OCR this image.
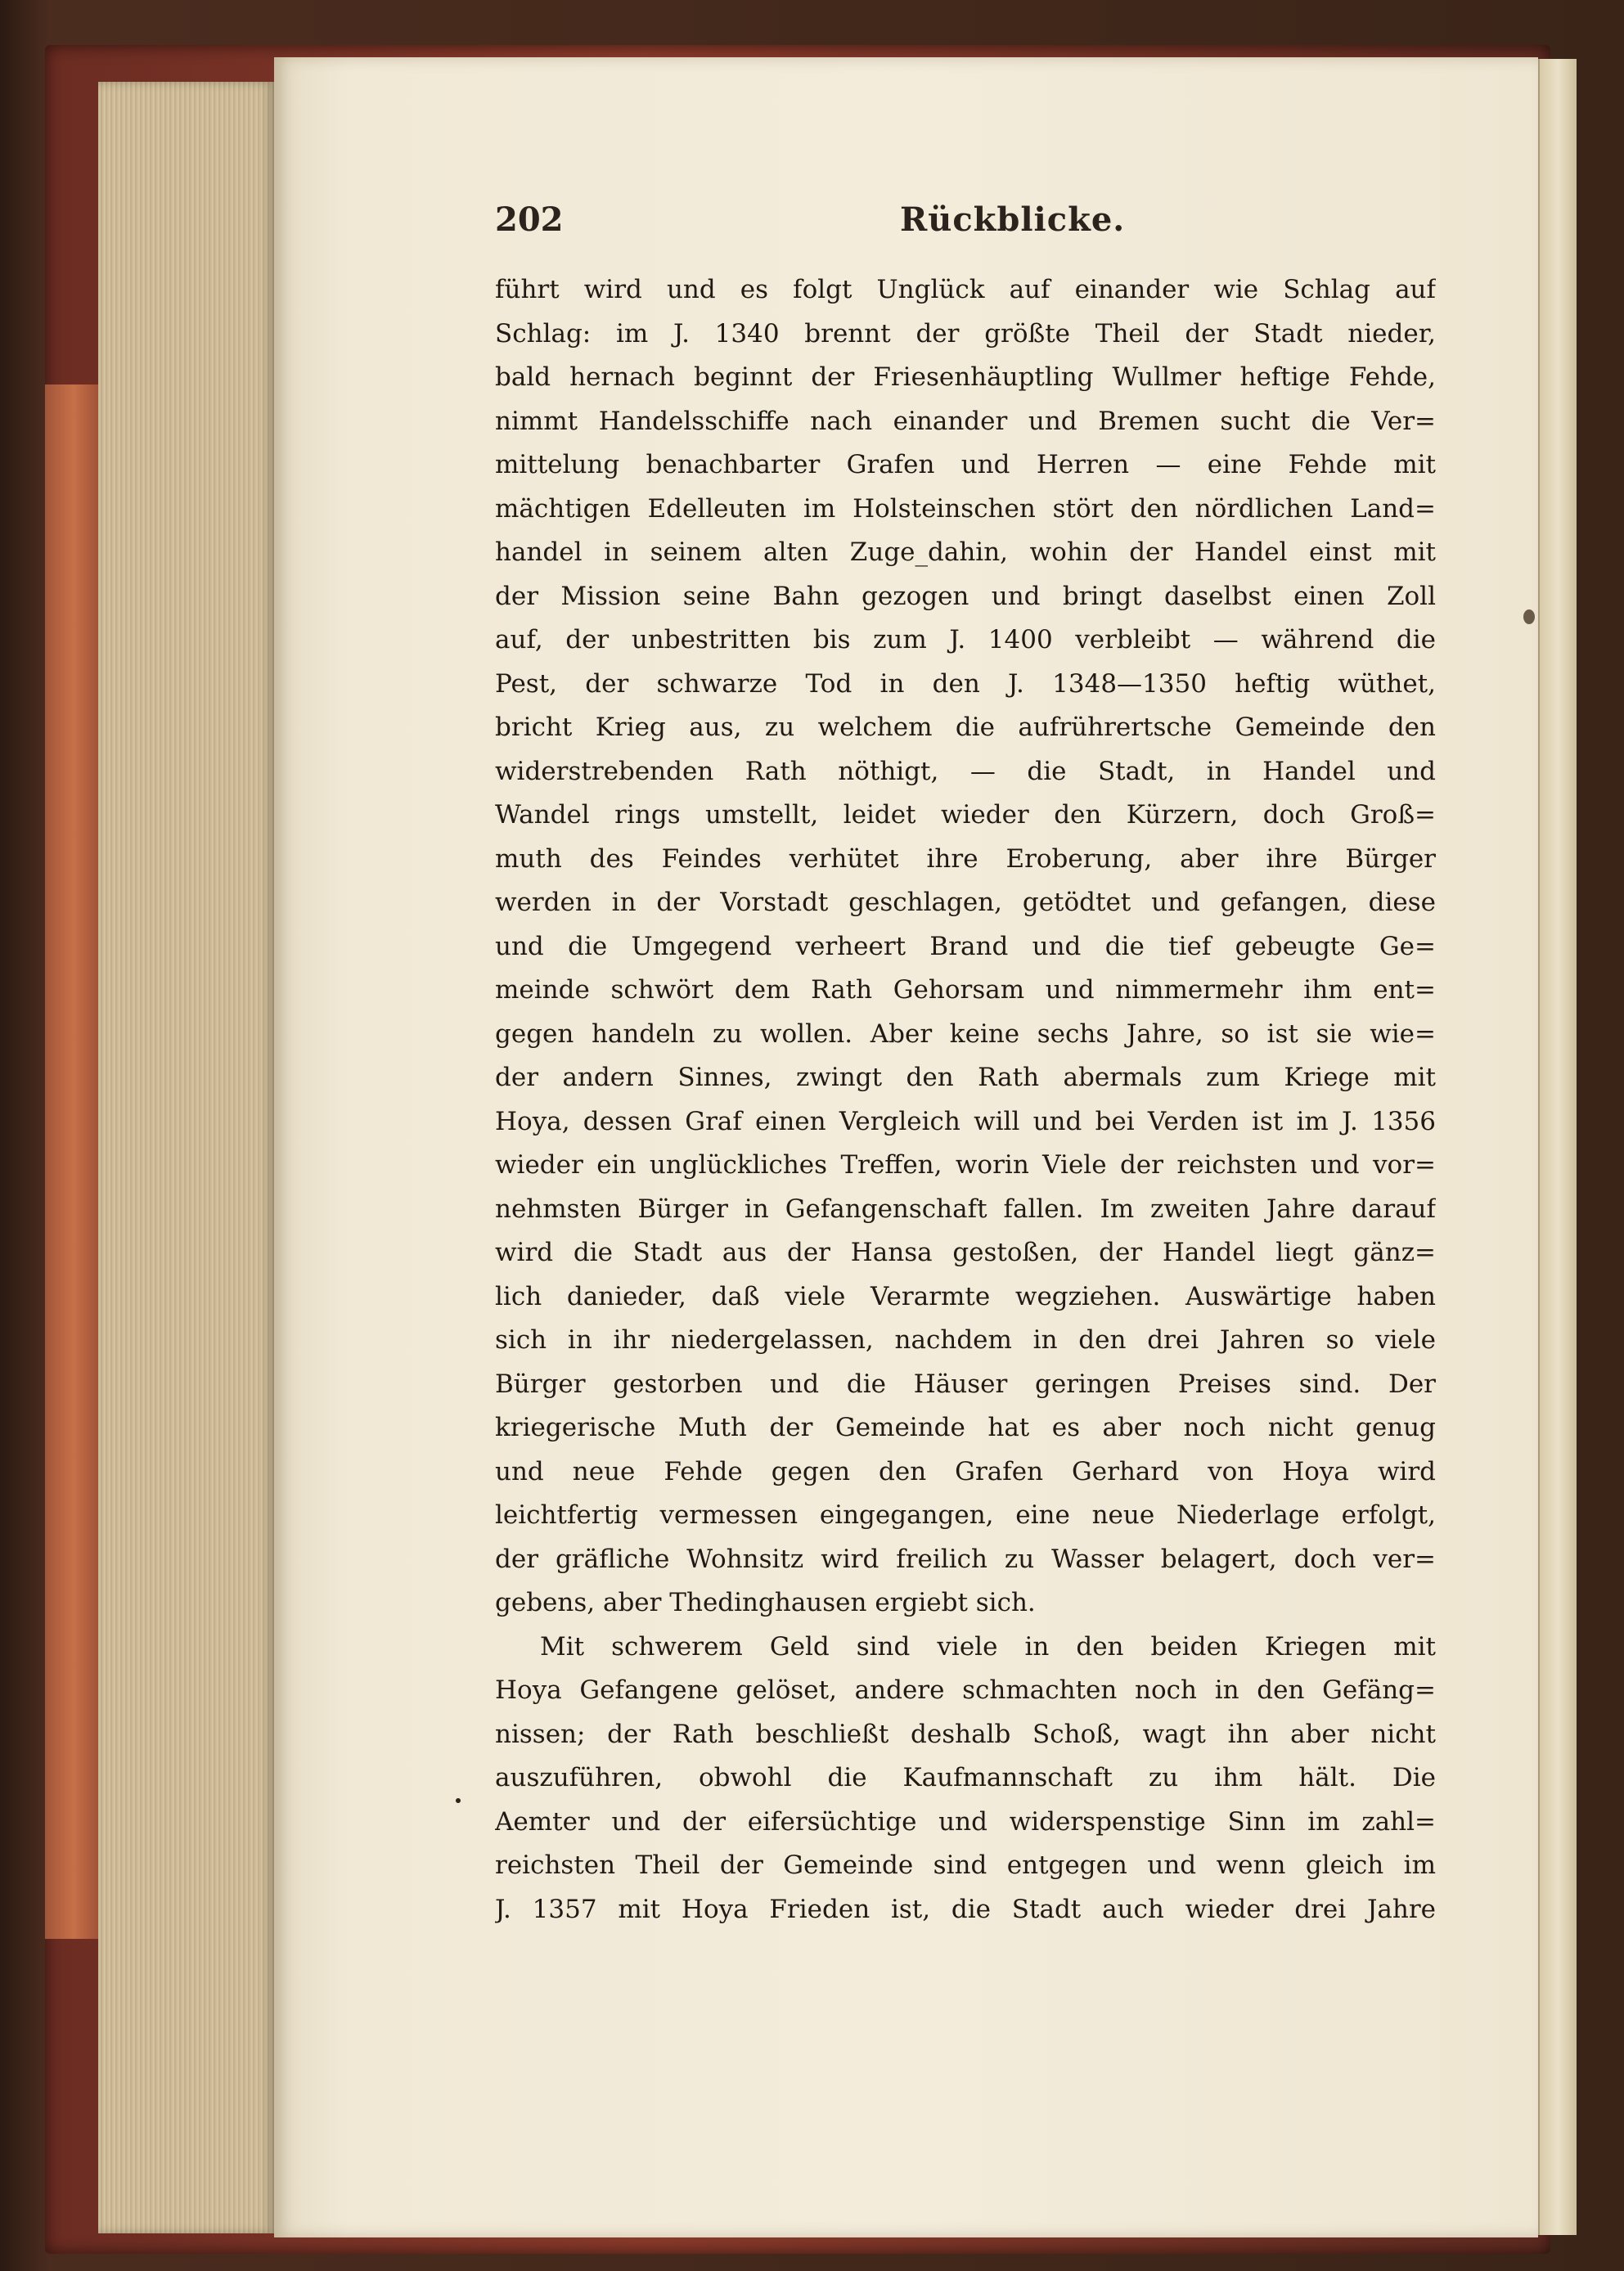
202	Rückblicke.
führt wird und es folgt Unglück auf einander wie Schlag auf
Schlag: im J. 1340 brennt der größte Theil der Stadt nieder,
bald hernach beginnt der Friesenhäuptling Wullmer heftige Fehde,
nimmt Handelsschiffe nach einander und Bremen sucht die Ver=
mittelung benachbarter Grafen und Herren — eine Fehde mit
mächtigen Edelleuten im Holsteinschen stört den nördlichen Land=
handel in seinem alten Zuge_dahin, wohin der Handel einst mit
der Mission seine Bahn gezogen und bringt daselbst einen Zoll
auf, der unbestritten bis zum J. 1400 verbleibt — während die
Pest, der schwarze Tod in den J. 1348—1350 heftig wüthet,
bricht Krieg aus, zu welchem die aufrührertsche Gemeinde den
widerstrebenden Rath nöthigt, — die Stadt, in Handel und
Wandel rings umstellt, leidet wieder den Kürzern, doch Groß=
muth des Feindes verhütet ihre Eroberung, aber ihre Bürger
werden in der Vorstadt geschlagen, getödtet und gefangen, diese
und die Umgegend verheert Brand und die tief gebeugte Ge=
meinde schwört dem Rath Gehorsam und nimmermehr ihm ent=
gegen handeln zu wollen. Aber keine sechs Jahre, so ist sie wie=
der andern Sinnes, zwingt den Rath abermals zum Kriege mit
Hoya, dessen Graf einen Vergleich will und bei Verden ist im J. 1356
wieder ein unglückliches Treffen, worin Viele der reichsten und vor=
nehmsten Bürger in Gefangenschaft fallen. Im zweiten Jahre darauf
wird die Stadt aus der Hansa gestoßen, der Handel liegt gänz=
lich danieder, daß viele Verarmte wegziehen. Auswärtige haben
sich in ihr niedergelassen, nachdem in den drei Jahren so viele
Bürger gestorben und die Häuser geringen Preises sind. Der
kriegerische Muth der Gemeinde hat es aber noch nicht genug
und neue Fehde gegen den Grafen Gerhard von Hoya wird
leichtfertig vermessen eingegangen, eine neue Niederlage erfolgt,
der gräfliche Wohnsitz wird freilich zu Wasser belagert, doch ver=
gebens, aber Thedinghausen ergiebt sich.
Mit schwerem Geld sind viele in den beiden Kriegen mit
Hoya Gefangene gelöset, andere schmachten noch in den Gefäng=
nissen; der Rath beschließt deshalb Schoß, wagt ihn aber nicht
auszuführen, obwohl die Kaufmannschaft zu ihm hält. Die
Aemter und der eifersüchtige und widerspenstige Sinn im zahl=
reichsten Theil der Gemeinde sind entgegen und wenn gleich im
J. 1357 mit Hoya Frieden ist, die Stadt auch wieder drei Jahre
